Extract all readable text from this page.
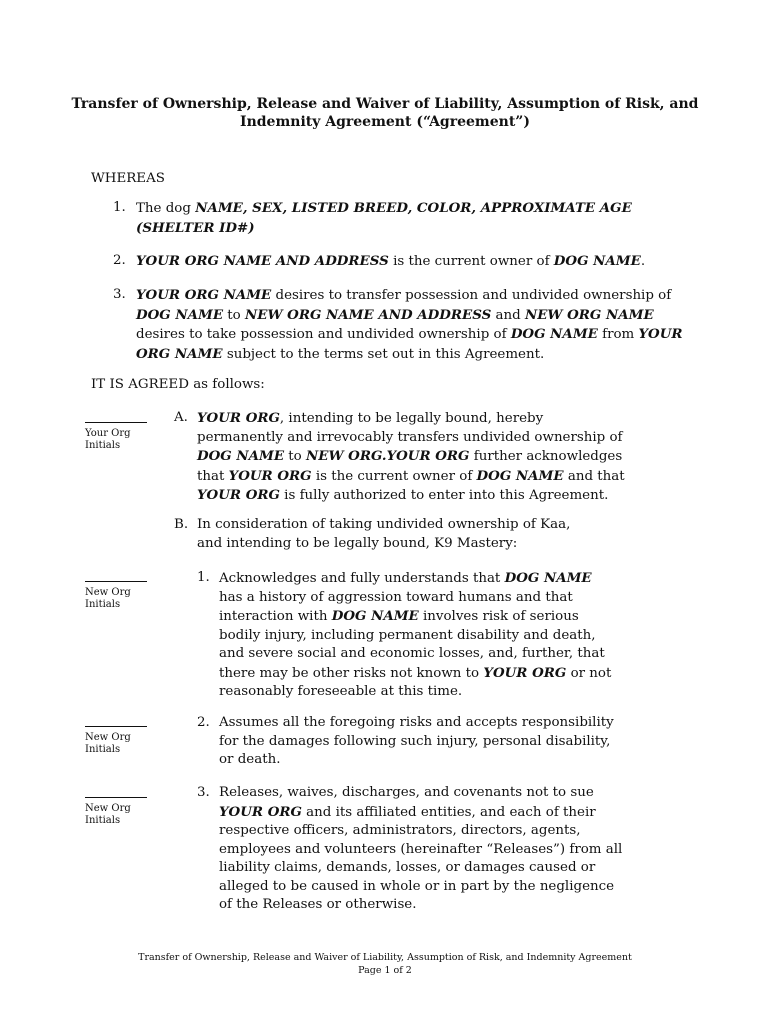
Transfer of Ownership, Release and Waiver of Liability, Assumption of Risk, and
Indemnity Agreement (“Agreement”)
WHEREAS
1. The dog NAME, SEX, LISTED BREED, COLOR, APPROXIMATE AGE (SHELTER ID#)
2. YOUR ORG NAME AND ADDRESS is the current owner of DOG NAME.
3. YOUR ORG NAME desires to transfer possession and undivided ownership of DOG NAME to NEW ORG NAME AND ADDRESS and NEW ORG NAME desires to take possession and undivided ownership of DOG NAME from YOUR ORG NAME subject to the terms set out in this Agreement.
IT IS AGREED as follows:
A. YOUR ORG, intending to be legally bound, hereby permanently and irrevocably transfers undivided ownership of DOG NAME to NEW ORG.YOUR ORG further acknowledges that YOUR ORG is the current owner of DOG NAME and that YOUR ORG is fully authorized to enter into this Agreement.
B. In consideration of taking undivided ownership of Kaa, and intending to be legally bound, K9 Mastery:
1. Acknowledges and fully understands that DOG NAME has a history of aggression toward humans and that interaction with DOG NAME involves risk of serious bodily injury, including permanent disability and death, and severe social and economic losses, and, further, that there may be other risks not known to YOUR ORG or not reasonably foreseeable at this time.
2. Assumes all the foregoing risks and accepts responsibility for the damages following such injury, personal disability, or death.
3. Releases, waives, discharges, and covenants not to sue YOUR ORG and its affiliated entities, and each of their respective officers, administrators, directors, agents, employees and volunteers (hereinafter “Releases”) from all liability claims, demands, losses, or damages caused or alleged to be caused in whole or in part by the negligence of the Releases or otherwise.
Your Org
Initials
New Org
Initials
New Org
Initials
New Org
Initials
Transfer of Ownership, Release and Waiver of Liability, Assumption of Risk, and Indemnity Agreement
Page 1 of 2
